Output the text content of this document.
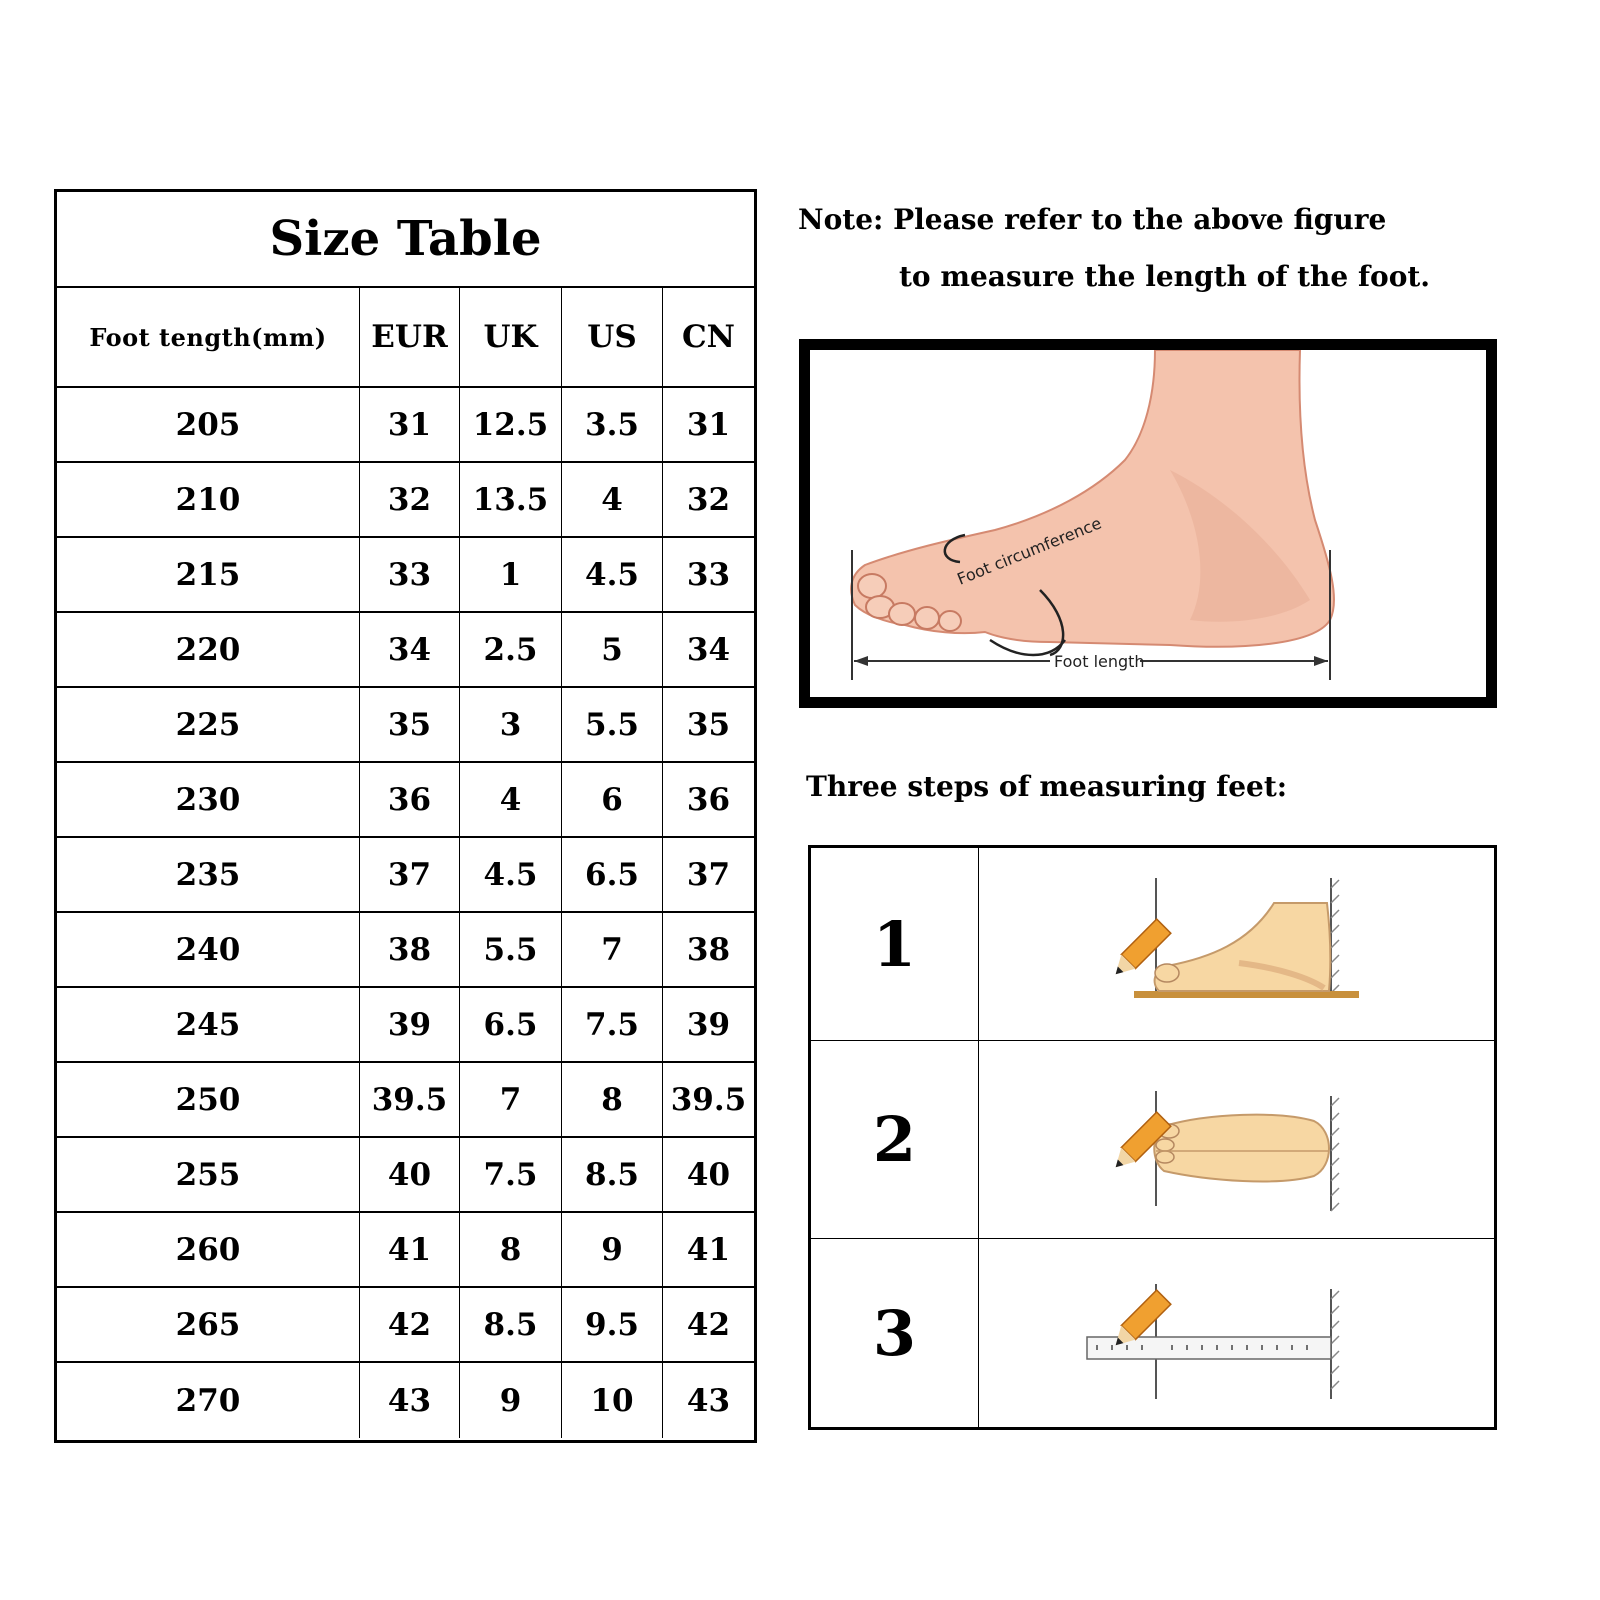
Size Table
Foot tength(mm)	EUR	UK	US	CN
205	31	12.5	3.5	31
210	32	13.5	4	32
215	33	1	4.5	33
220	34	2.5	5	34
225	35	3	5.5	35
230	36	4	6	36
235	37	4.5	6.5	37
240	38	5.5	7	38
245	39	6.5	7.5	39
250	39.5	7	8	39.5
255	40	7.5	8.5	40
260	41	8	9	41
265	42	8.5	9.5	42
270	43	9	10	43
Note: Please refer to the above figure
to measure the length of the foot.
Foot circumference
Foot length
Three steps of measuring feet:
1
2
3
